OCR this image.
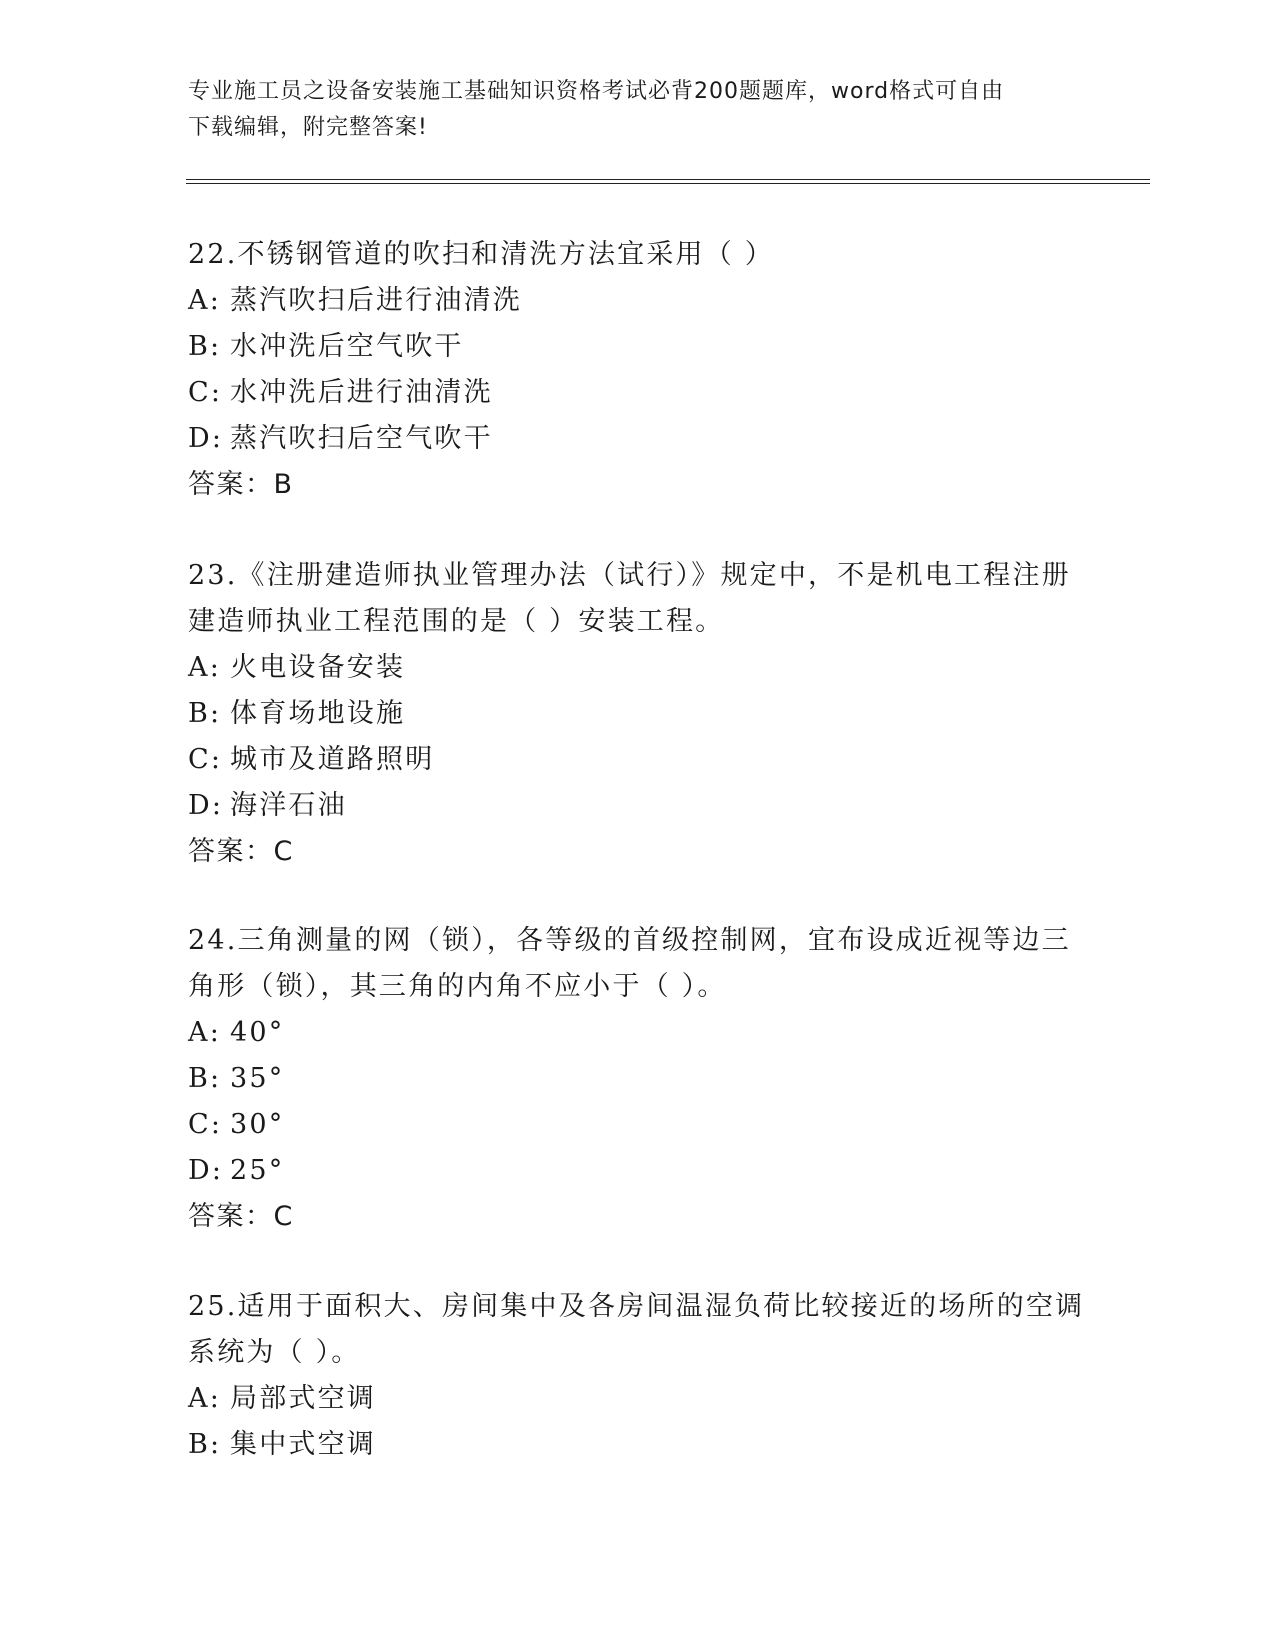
专业施工员之设备安装施工基础知识资格考试必背200题题库，word格式可自由
下载编辑，附完整答案!

22.不锈钢管道的吹扫和清洗方法宜采用（ ）

A: 蒸汽吹扫后进行油清洗

B: 水冲洗后空气吹干

C: 水冲洗后进行油清洗

D: 蒸汽吹扫后空气吹干

答案：B

23.《注册建造师执业管理办法（试行）》规定中，不是机电工程注册

建造师执业工程范围的是（ ）安装工程。

A: 火电设备安装

B: 体育场地设施

C: 城市及道路照明

D: 海洋石油

答案：C

24.三角测量的网（锁），各等级的首级控制网，宜布设成近视等边三

角形（锁），其三角的内角不应小于（ ）。

A: 40°

B: 35°

C: 30°

D: 25°

答案：C

25.适用于面积大、房间集中及各房间温湿负荷比较接近的场所的空调

系统为（ ）。

A: 局部式空调

B: 集中式空调
